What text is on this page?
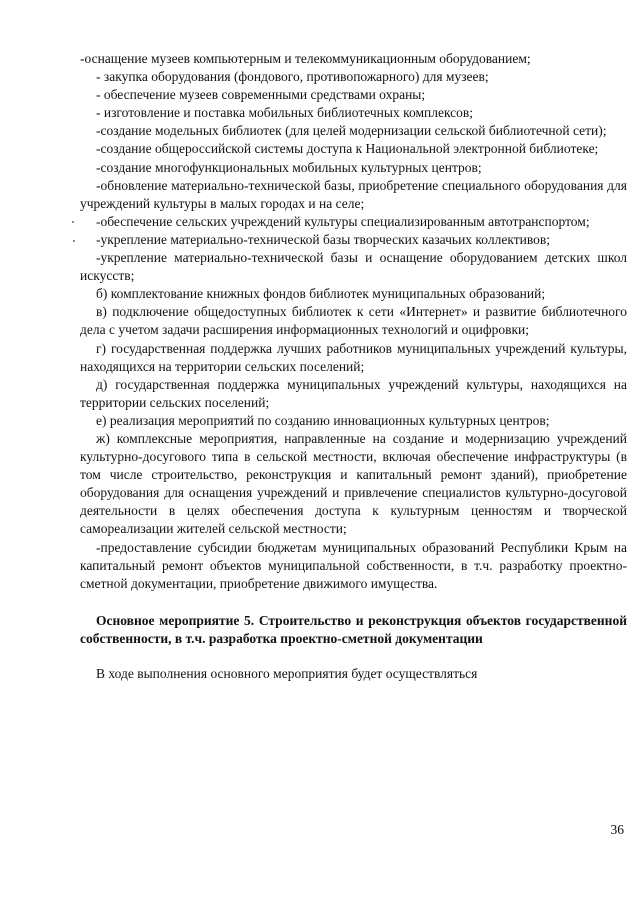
-оснащение музеев компьютерным и телекоммуникационным оборудованием;

- закупка оборудования (фондового, противопожарного) для музеев;

- обеспечение музеев современными средствами охраны;

- изготовление и поставка мобильных библиотечных комплексов;

-создание модельных библиотек (для целей модернизации сельской библиотечной сети);

-создание общероссийской системы доступа к Национальной электронной библиотеке;

-создание многофункциональных мобильных культурных центров;

-обновление материально-технической базы, приобретение специального оборудования для учреждений культуры в малых городах и на селе;

-обеспечение сельских учреждений культуры специализированным автотранспортом;

-укрепление материально-технической базы творческих казачьих коллективов;

-укрепление материально-технической базы и оснащение оборудованием детских школ искусств;

б) комплектование книжных фондов библиотек муниципальных образований;

в) подключение общедоступных библиотек к сети «Интернет» и развитие библиотечного дела с учетом задачи расширения информационных технологий и оцифровки;

г) государственная поддержка лучших работников муниципальных учреждений культуры, находящихся на территории сельских поселений;

д) государственная поддержка муниципальных учреждений культуры, находящихся на территории сельских поселений;

е) реализация мероприятий по созданию инновационных культурных центров;

ж) комплексные мероприятия, направленные на создание и модернизацию учреждений культурно-досугового типа в сельской местности, включая обеспечение инфраструктуры (в том числе строительство, реконструкция и капитальный ремонт зданий), приобретение оборудования для оснащения учреждений и привлечение специалистов культурно-досуговой деятельности в целях обеспечения доступа к культурным ценностям и творческой самореализации жителей сельской местности;

-предоставление субсидии бюджетам муниципальных образований Республики Крым на капитальный ремонт объектов муниципальной собственности, в т.ч. разработку проектно-сметной документации, приобретение движимого имущества.

Основное мероприятие 5. Строительство и реконструкция объектов государственной собственности, в т.ч. разработка проектно-сметной документации

В ходе выполнения основного мероприятия будет осуществляться

36
